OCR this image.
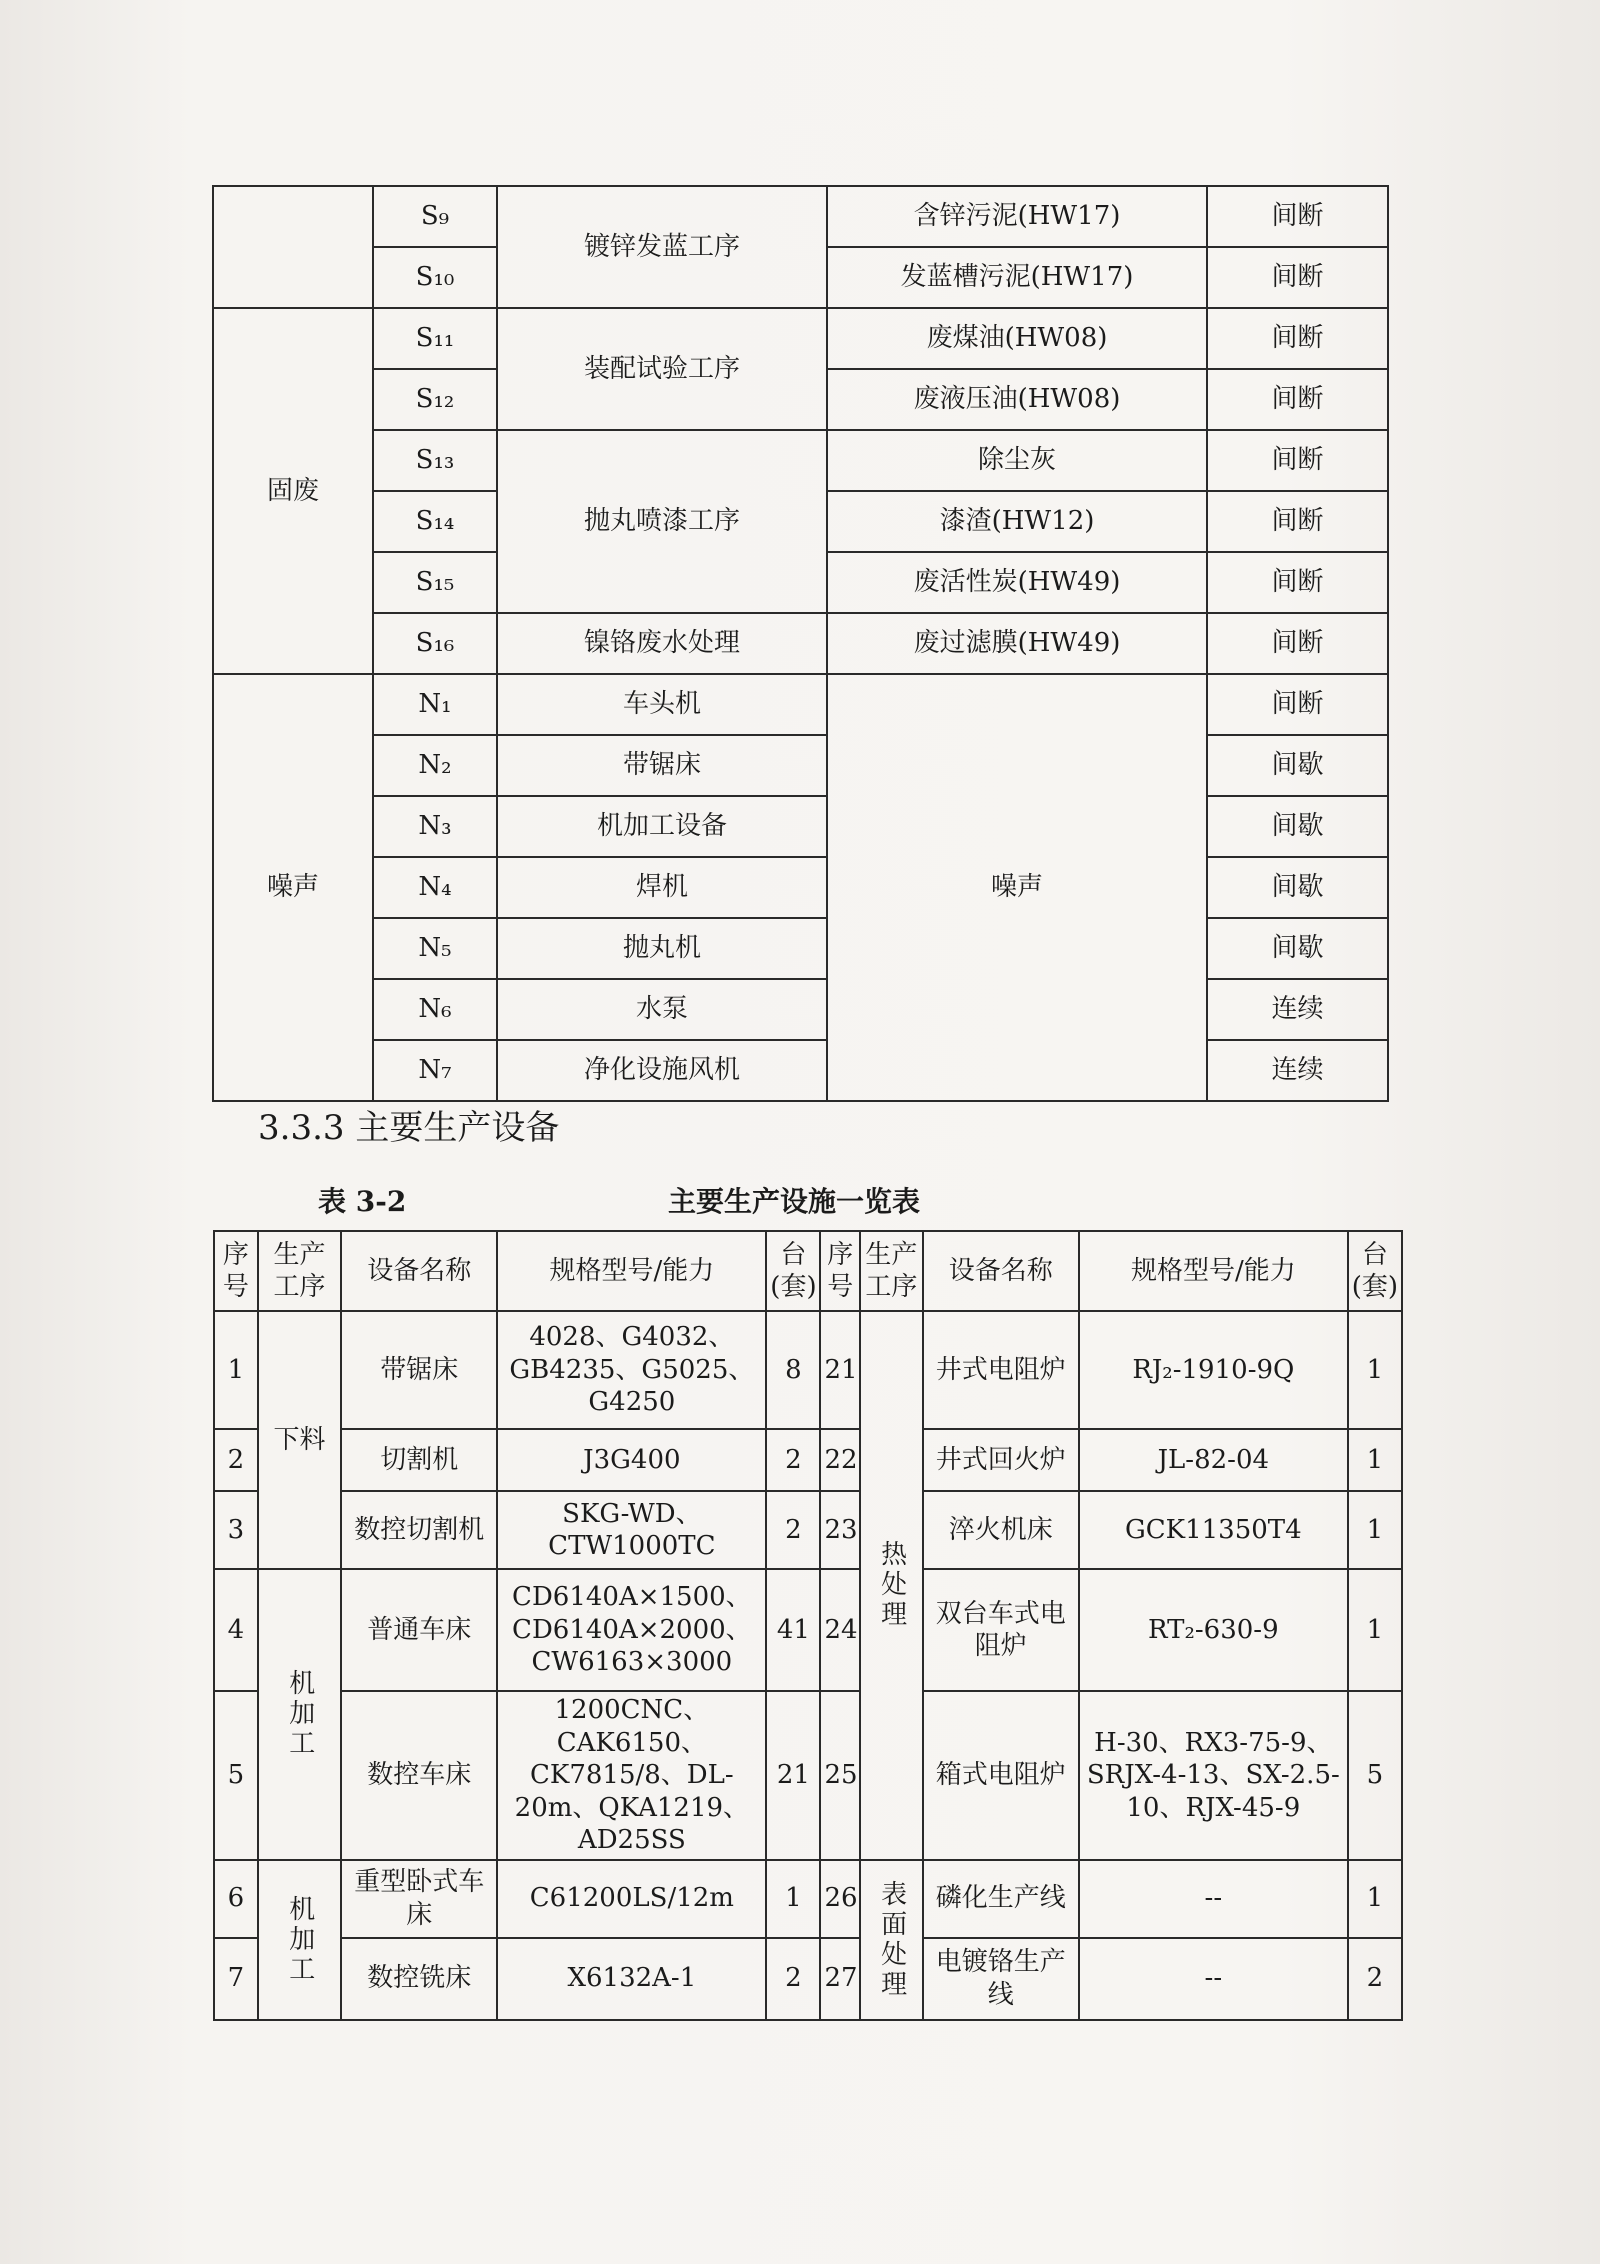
	S₉	镀锌发蓝工序	含锌污泥(HW17)	间断
	S₁₀		发蓝槽污泥(HW17)	间断
固废	S₁₁	装配试验工序	废煤油(HW08)	间断
	S₁₂		废液压油(HW08)	间断
	S₁₃	抛丸喷漆工序	除尘灰	间断
	S₁₄		漆渣(HW12)	间断
	S₁₅		废活性炭(HW49)	间断
	S₁₆	镍铬废水处理	废过滤膜(HW49)	间断
噪声	N₁	车头机	噪声	间断
	N₂	带锯床		间歇
	N₃	机加工设备		间歇
	N₄	焊机		间歇
	N₅	抛丸机		间歇
	N₆	水泵		连续
	N₇	净化设施风机		连续
3.3.3 主要生产设备
表 3-2	主要生产设施一览表
序号	生产工序	设备名称	规格型号/能力	台(套)	序号	生产工序	设备名称	规格型号/能力	台(套)
1	下料	带锯床	4028、G4032、GB4235、G5025、G4250	8	21	热处理	井式电阻炉	RJ₂-1910-9Q	1
2		切割机	J3G400	2	22		井式回火炉	JL-82-04	1
3		数控切割机	SKG-WD、CTW1000TC	2	23		淬火机床	GCK11350T4	1
4	机加工	普通车床	CD6140A×1500、CD6140A×2000、CW6163×3000	41	24		双台车式电阻炉	RT₂-630-9	1
5		数控车床	1200CNC、CAK6150、CK7815/8、DL-20m、QKA1219、AD25SS	21	25		箱式电阻炉	H-30、RX3-75-9、SRJX-4-13、SX-2.5-10、RJX-45-9	5
6	机加工	重型卧式车床	C61200LS/12m	1	26	表面处理	磷化生产线	--	1
7		数控铣床	X6132A-1	2	27		电镀铬生产线	--	2
